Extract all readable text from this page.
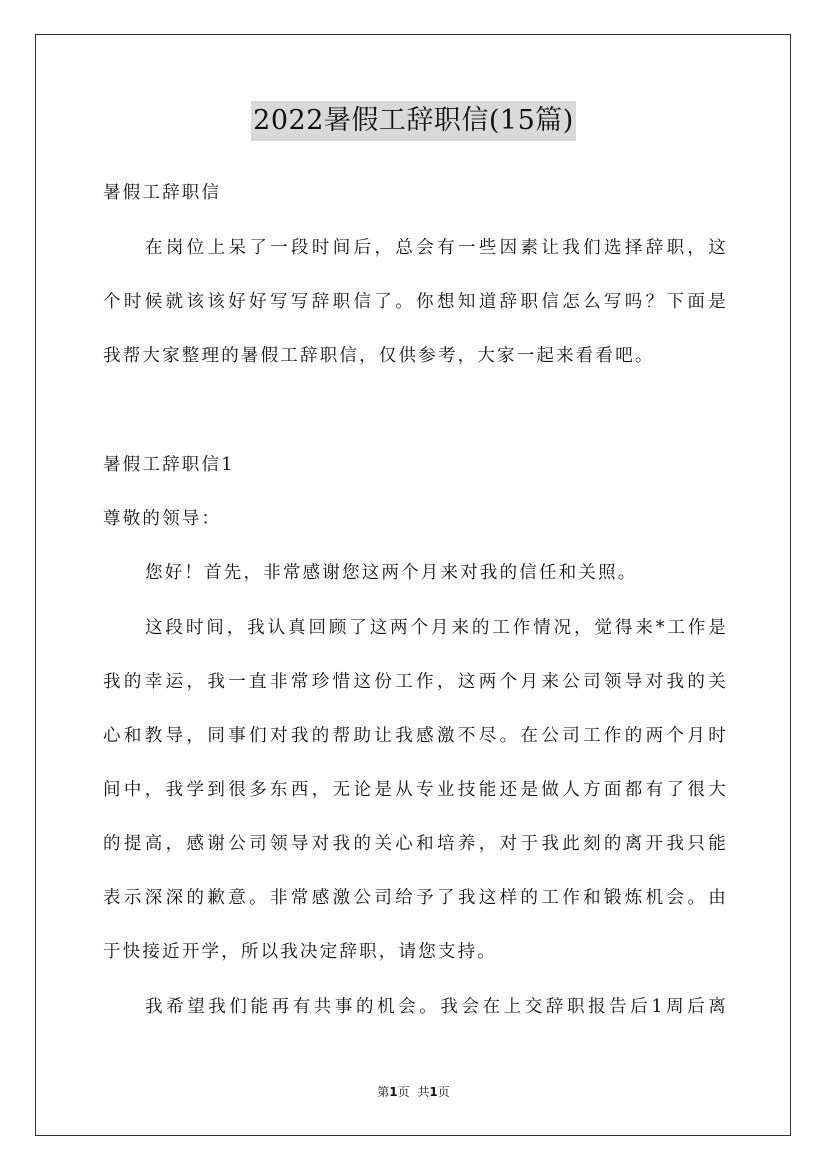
2022暑假工辞职信(15篇)
暑假工辞职信
在岗位上呆了一段时间后，总会有一些因素让我们选择辞职，这
个时候就该该好好写写辞职信了。你想知道辞职信怎么写吗？下面是
我帮大家整理的暑假工辞职信，仅供参考，大家一起来看看吧。
暑假工辞职信1
尊敬的领导：
您好！首先，非常感谢您这两个月来对我的信任和关照。
这段时间，我认真回顾了这两个月来的工作情况，觉得来*工作是
我的幸运，我一直非常珍惜这份工作，这两个月来公司领导对我的关
心和教导，同事们对我的帮助让我感激不尽。在公司工作的两个月时
间中，我学到很多东西，无论是从专业技能还是做人方面都有了很大
的提高，感谢公司领导对我的关心和培养，对于我此刻的离开我只能
表示深深的歉意。非常感激公司给予了我这样的工作和锻炼机会。由
于快接近开学，所以我决定辞职，请您支持。
我希望我们能再有共事的机会。我会在上交辞职报告后1周后离
第1页 共1页
